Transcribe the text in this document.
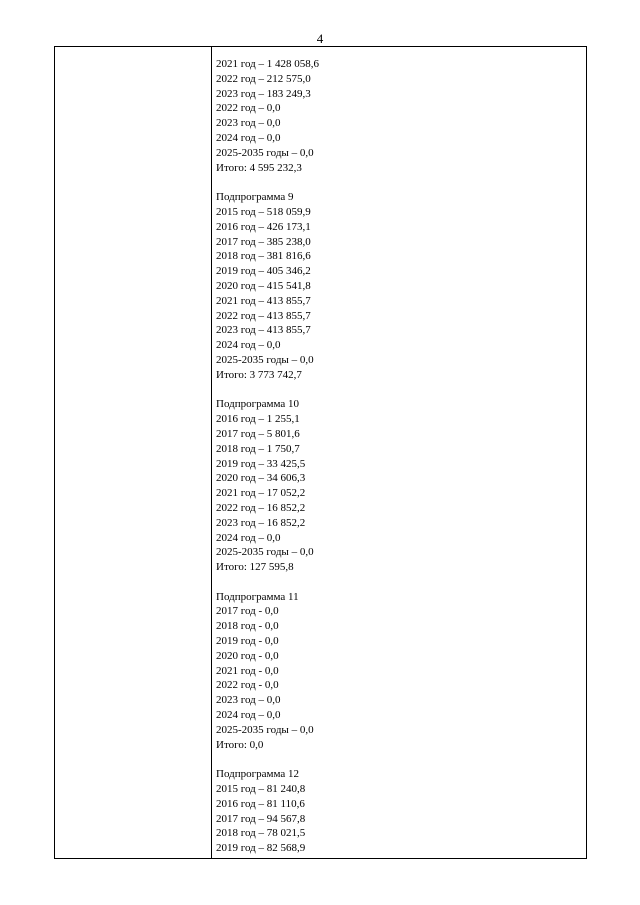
4
2021 год – 1 428 058,6
2022 год – 212 575,0
2023 год – 183 249,3
2022 год – 0,0
2023 год – 0,0
2024 год – 0,0
2025-2035 годы – 0,0
Итого: 4 595 232,3
Подпрограмма 9
2015 год – 518 059,9
2016 год – 426 173,1
2017 год – 385 238,0
2018 год – 381 816,6
2019 год – 405 346,2
2020 год – 415 541,8
2021 год – 413 855,7
2022 год – 413 855,7
2023 год – 413 855,7
2024 год – 0,0
2025-2035 годы – 0,0
Итого: 3 773 742,7
Подпрограмма 10
2016 год – 1 255,1
2017 год – 5 801,6
2018 год – 1 750,7
2019 год – 33 425,5
2020 год – 34 606,3
2021 год – 17 052,2
2022 год – 16 852,2
2023 год – 16 852,2
2024 год – 0,0
2025-2035 годы – 0,0
Итого: 127 595,8
Подпрограмма 11
2017 год - 0,0
2018 год - 0,0
2019 год - 0,0
2020 год - 0,0
2021 год - 0,0
2022 год - 0,0
2023 год – 0,0
2024 год – 0,0
2025-2035 годы – 0,0
Итого: 0,0
Подпрограмма 12
2015 год – 81 240,8
2016 год – 81 110,6
2017 год – 94 567,8
2018 год – 78 021,5
2019 год – 82 568,9
